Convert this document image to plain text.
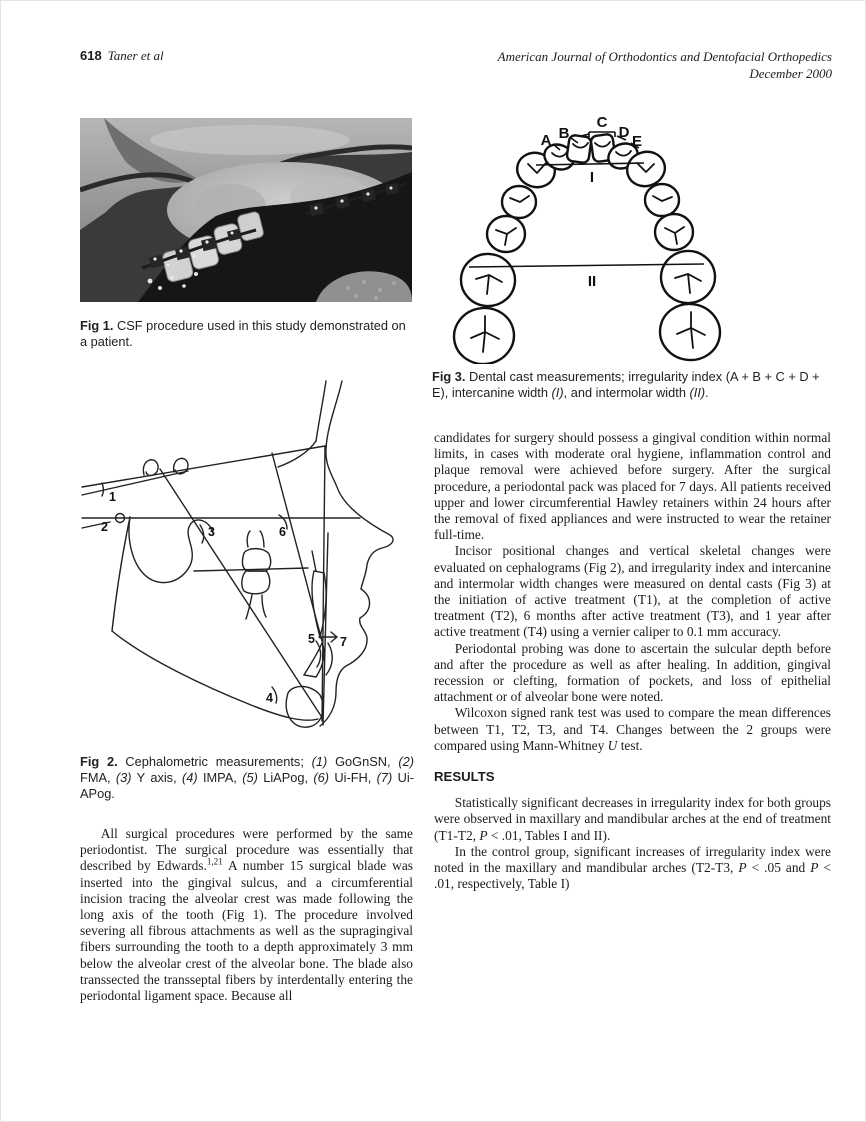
618 Taner et al	American Journal of Orthodontics and Dentofacial Orthopedics
December 2000
Fig 1. CSF procedure used in this study demonstrated on a patient.
A B
C
D
E
I
II
Fig 3. Dental cast measurements; irregularity index (A + B + C + D + E), intercanine width (I), and intermolar width (II).
1
2	3
4
5
6
7
Fig 2. Cephalometric measurements; (1) GoGnSN, (2) FMA, (3) Y axis, (4) IMPA, (5) LiAPog, (6) Ui-FH, (7) Ui-APog.

All surgical procedures were performed by the same periodontist. The surgical procedure was essentially that described by Edwards.$^{1,21}$ A number 15 surgical blade was inserted into the gingival sulcus, and a circumferential incision tracing the alveolar crest was made following the long axis of the tooth (Fig 1). The procedure involved severing all fibrous attachments as well as the supragingival fibers surrounding the tooth to a depth approximately 3 mm below the alveolar crest of the alveolar bone. The blade also transsected the transseptal fibers by interdentally entering the periodontal ligament space. Because all

candidates for surgery should possess a gingival condition within normal limits, in cases with moderate oral hygiene, inflammation control and plaque removal were achieved before surgery. After the surgical procedure, a periodontal pack was placed for 7 days. All patients received upper and lower circumferential Hawley retainers within 24 hours after the removal of fixed appliances and were instructed to wear the retainer full-time.

Incisor positional changes and vertical skeletal changes were evaluated on cephalograms (Fig 2), and irregularity index and intercanine and intermolar width changes were measured on dental casts (Fig 3) at the initiation of active treatment (T1), at the completion of active treatment (T2), 6 months after active treatment (T3), and 1 year after active treatment (T4) using a vernier caliper to 0.1 mm accuracy.

Periodontal probing was done to ascertain the sulcular depth before and after the procedure as well as after healing. In addition, gingival recession or clefting, formation of pockets, and loss of epithelial attachment or of alveolar bone were noted.

Wilcoxon signed rank test was used to compare the mean differences between T1, T2, T3, and T4. Changes between the 2 groups were compared using Mann-Whitney U test.

RESULTS

Statistically significant decreases in irregularity index for both groups were observed in maxillary and mandibular arches at the end of treatment (T1-T2, P < .01, Tables I and II).

In the control group, significant increases of irregularity index were noted in the maxillary and mandibular arches (T2-T3, P < .05 and P < .01, respectively, Table I)
